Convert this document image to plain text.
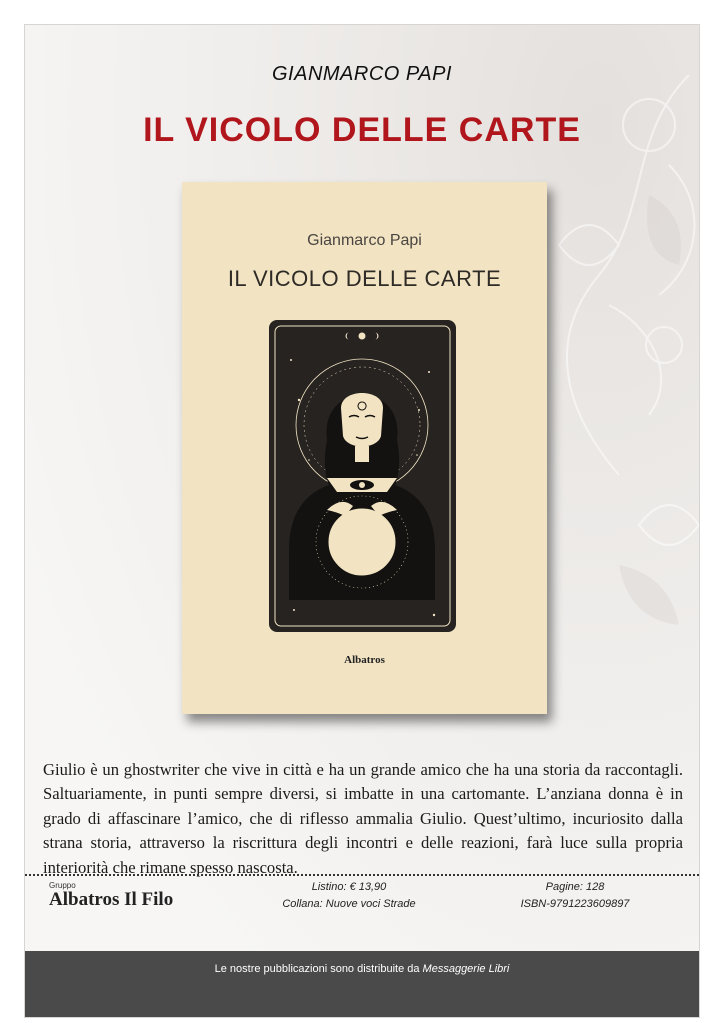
GIANMARCO PAPI
IL VICOLO DELLE CARTE
Gianmarco Papi
IL VICOLO DELLE CARTE
Albatros
Giulio è un ghostwriter che vive in città e ha un grande amico che ha una storia da raccontagli. Saltuariamente, in punti sempre diversi, si imbatte in una cartomante. L’anziana donna è in grado di affascinare l’amico, che di riflesso ammalia Giulio. Quest’ultimo, incuriosito dalla strana storia, attraverso la riscrittura degli incontri e delle reazioni, farà luce sulla propria interiorità che rimane spesso nascosta.
Gruppo
Albatros Il Filo
Listino: € 13,90
Collana: Nuove voci Strade
Pagine: 128
ISBN-9791223609897
Le nostre pubblicazioni sono distribuite da Messaggerie Libri
